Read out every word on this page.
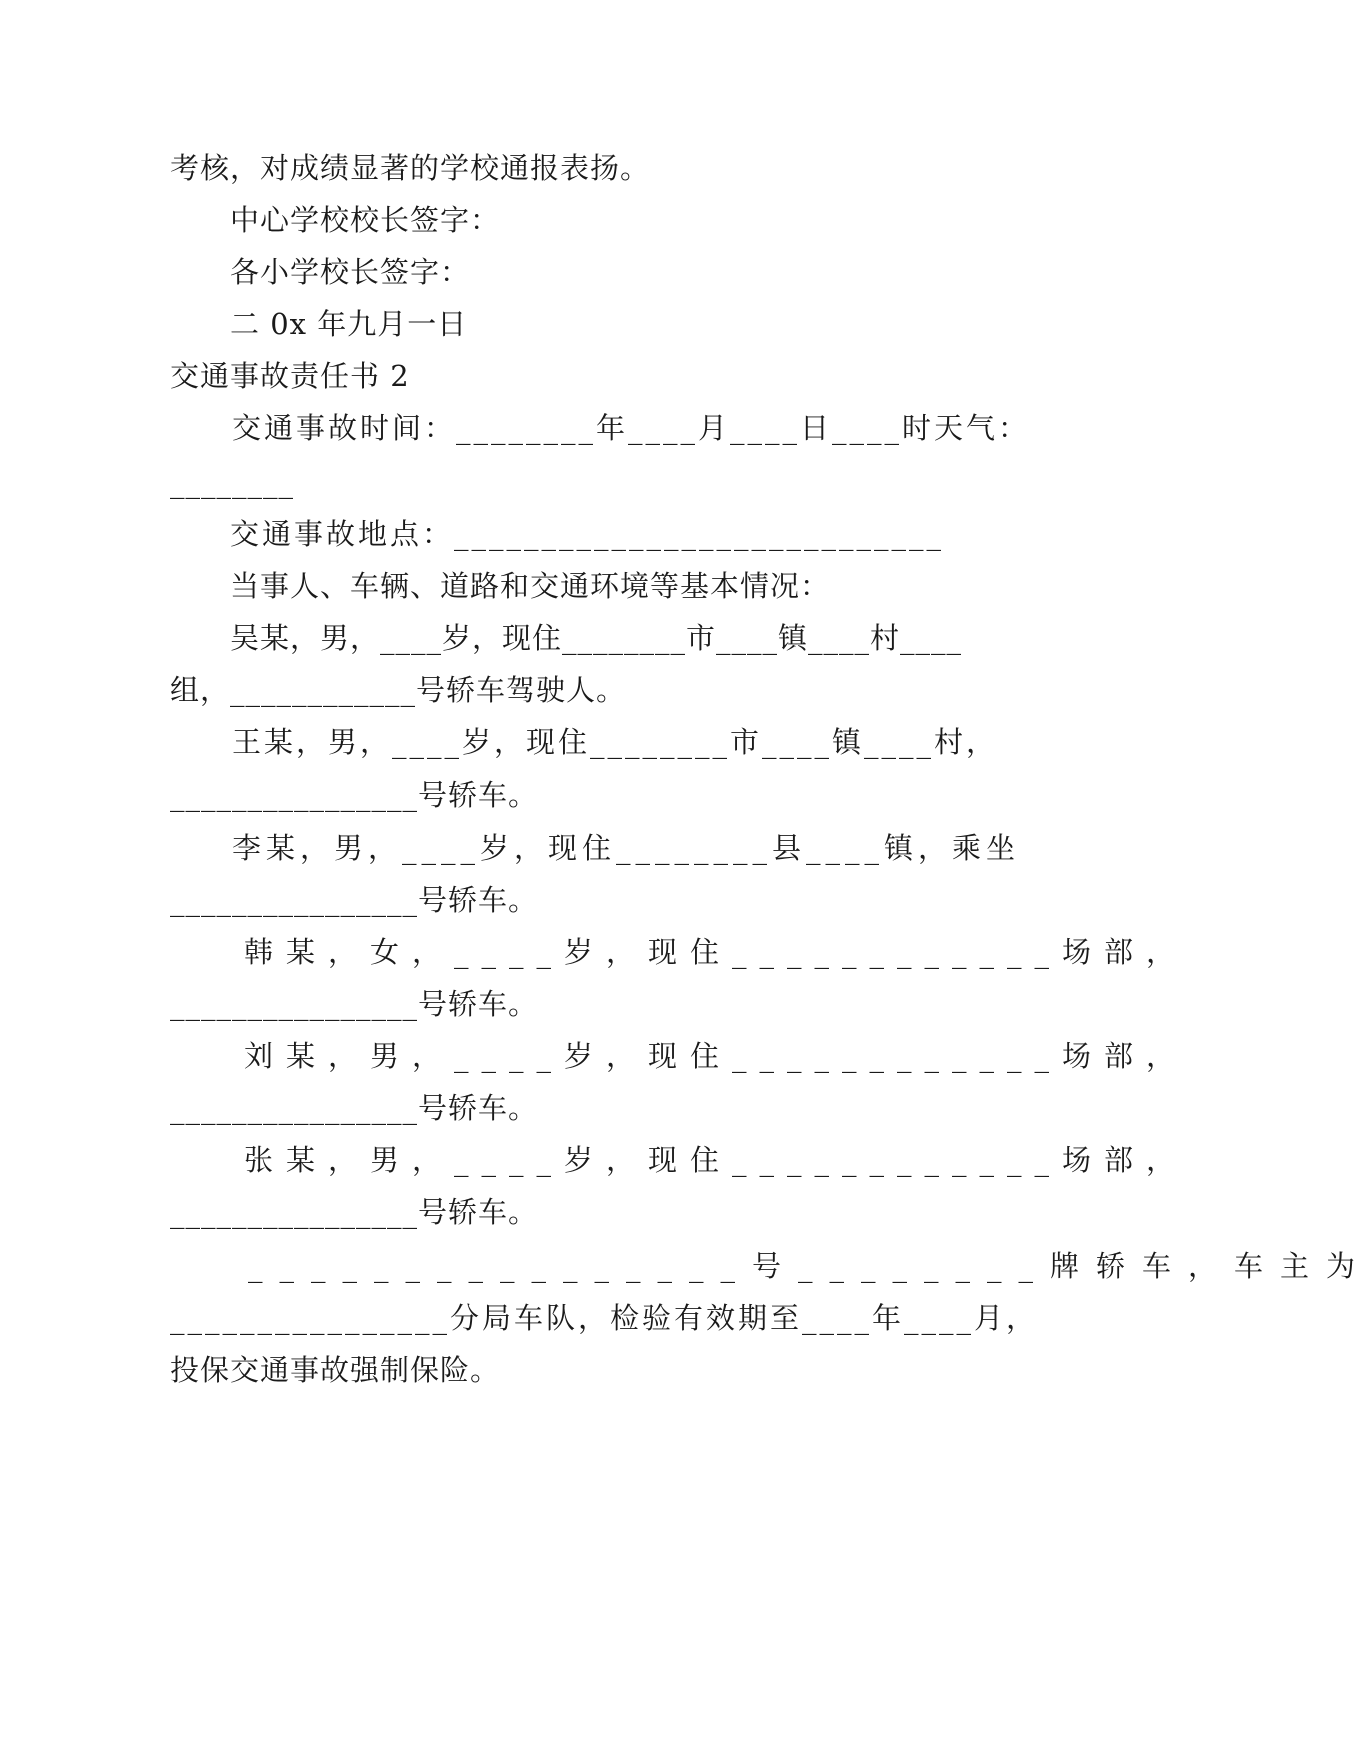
考核，对成绩显著的学校通报表扬。
中心学校校长签字：
各小学校长签字：
二 0x 年九月一日
交通事故责任书 2
交通事故时间：________年____月____日____时天气：
________
交通事故地点：____________________________
当事人、车辆、道路和交通环境等基本情况：
吴某，男，____岁，现住________市____镇____村____
组，____________号轿车驾驶人。
王某，男，____岁，现住________市____镇____村，
________________号轿车。
李某，男，____岁，现住________县____镇，乘坐
________________号轿车。
韩某，女，____岁，现住____________场部，
________________号轿车。
刘某，男，____岁，现住____________场部，
________________号轿车。
张某，男，____岁，现住____________场部，
________________号轿车。
________________号________牌轿车，车主为
________________分局车队，检验有效期至____年____月，
投保交通事故强制保险。
